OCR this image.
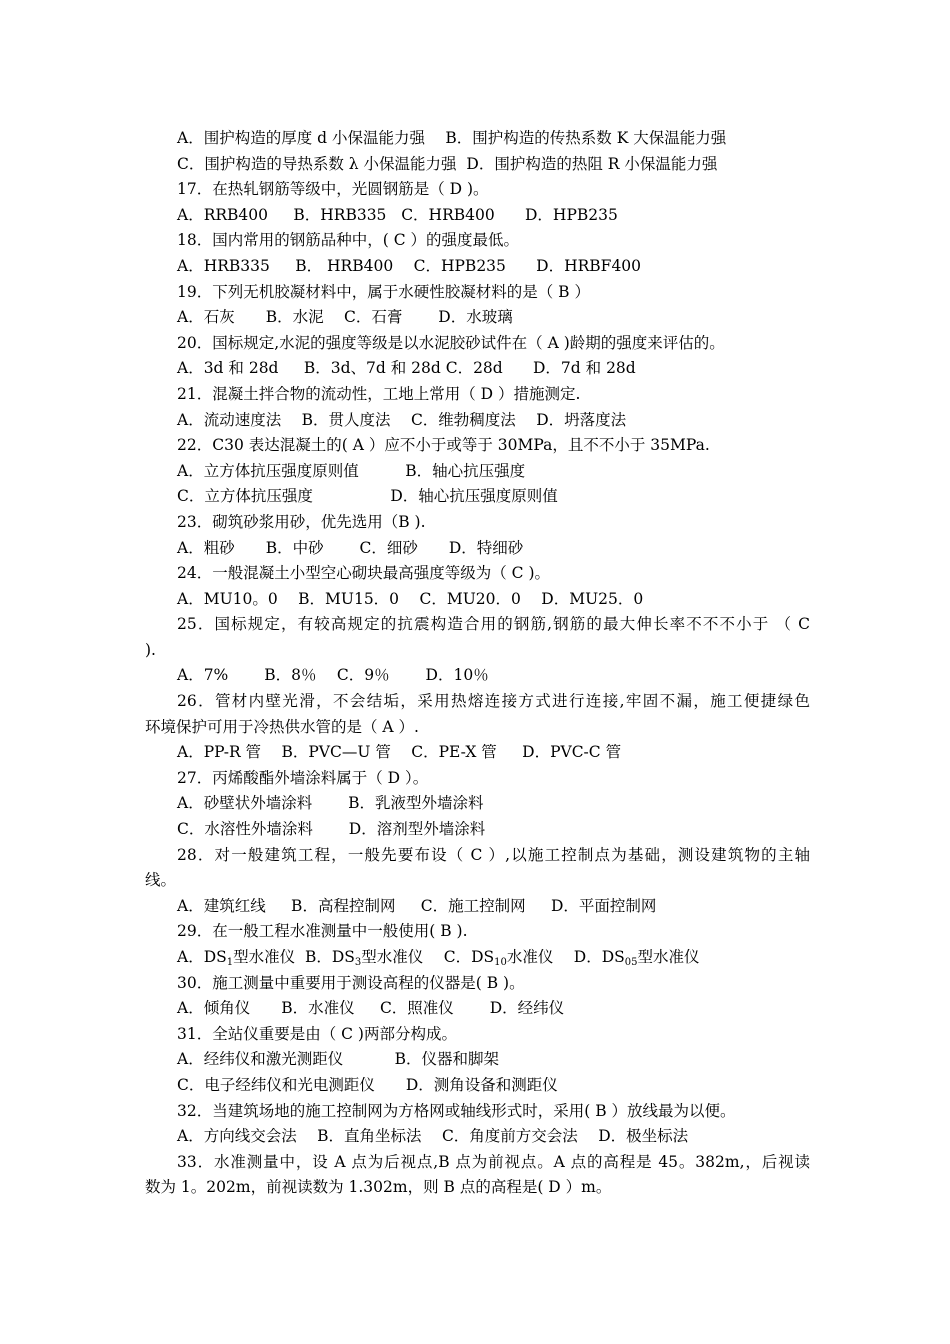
A．围护构造的厚度 d 小保温能力强　 B．围护构造的传热系数 K 大保温能力强
C．围护构造的导热系数 λ 小保温能力强  D．围护构造的热阻 R 小保温能力强
17．在热轧钢筋等级中，光圆钢筋是（ D )。
A．RRB400  　B．HRB335   C．HRB400  　 D．HPB235
18．国内常用的钢筋品种中，( C ）的强度最低。
A．HRB335 　 B． HRB400 　C．HPB235 　  D．HRBF400
19．下列无机胶凝材料中，属于水硬性胶凝材料的是（ B ）
A．石灰　　B．水泥 　C．石膏　　 D．水玻璃
20．国标规定,水泥的强度等级是以水泥胶砂试件在（ A )龄期的强度来评估的。
A．3d 和 28d  　B．3d、7d 和 28d C．28d  　 D．7d 和 28d
21．混凝土拌合物的流动性，工地上常用（ D ）措施测定.
A．流动速度法 　B．贯人度法 　C．维勃稠度法 　D．坍落度法
22．C30 表达混凝土的( A ）应不小于或等于 30MPa，且不不小于 35MPa.
A．立方体抗压强度原则值　　　B．轴心抗压强度
C．立方体抗压强度　　　　　D．轴心抗压强度原则值
23．砌筑砂浆用砂，优先选用（B ).
A．粗砂　　B．中砂 　　C．细砂　　D．特细砂
24．一般混凝土小型空心砌块最高强度等级为（ C )。
A．MU10。0　 B．MU15．0 　C．MU20．0 　D．MU25．0
25．国标规定，有较高规定的抗震构造合用的钢筋,钢筋的最大伸长率不不不小于 （ C
).
A．7%　 　B．8％ 　C．9％ 　　D．10％
26．管材内壁光滑，不会结垢，采用热熔连接方式进行连接,牢固不漏，施工便捷绿色
环境保护可用于冷热供水管的是（ A ）.
A．PP-R 管 　B．PVC—U 管 　C．PE-X 管  　D．PVC-C 管
27．丙烯酸酯外墙涂料属于（ D ）。
A．砂壁状外墙涂料　　 B．乳液型外墙涂料
C．水溶性外墙涂料 　　D．溶剂型外墙涂料
28．对一般建筑工程，一般先要布设（ C ）,以施工控制点为基础，测设建筑物的主轴
线。
A．建筑红线 　 B．高程控制网 　 C．施工控制网 　 D．平面控制网
29．在一般工程水准测量中一般使用( B ).
A．$DS_1$型水准仪  B．$DS_3$型水准仪 　C．$DS_{10}$水准仪 　D．$DS_{05}$型水准仪
30．施工测量中重要用于测设高程的仪器是( B )。
A．倾角仪　　B．水准仪 　 C．照准仪　　 D．经纬仪
31．全站仪重要是由（ C )两部分构成。
A．经纬仪和激光测距仪　　　 B．仪器和脚架
C．电子经纬仪和光电测距仪　　D．测角设备和测距仪
32．当建筑场地的施工控制网为方格网或轴线形式时，采用( B ）放线最为以便。
A．方向线交会法 　B．直角坐标法 　C．角度前方交会法 　D．极坐标法
33．水准测量中，设 A 点为后视点,B 点为前视点。A 点的高程是 45。382m,，后视读
数为 1。202m，前视读数为 1.302m，则 B 点的高程是( D ）m。
